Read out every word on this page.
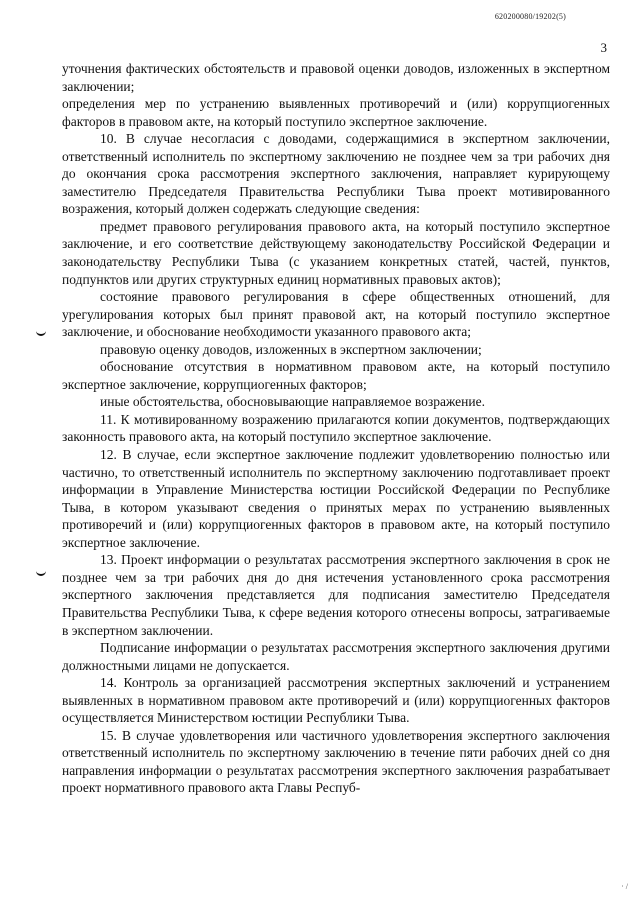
620200080/19202(5)
3

уточнения фактических обстоятельств и правовой оценки доводов, изложенных в экспертном заключении;

определения мер по устранению выявленных противоречий и (или) коррупциогенных факторов в правовом акте, на который поступило экспертное заключение.

10. В случае несогласия с доводами, содержащимися в экспертном заключении, ответственный исполнитель по экспертному заключению не позднее чем за три рабочих дня до окончания срока рассмотрения экспертного заключения, направляет курирующему заместителю Председателя Правительства Республики Тыва проект мотивированного возражения, который должен содержать следующие сведения:

предмет правового регулирования правового акта, на который поступило экспертное заключение, и его соответствие действующему законодательству Российской Федерации и законодательству Республики Тыва (с указанием конкретных статей, частей, пунктов, подпунктов или других структурных единиц нормативных правовых актов);

состояние правового регулирования в сфере общественных отношений, для урегулирования которых был принят правовой акт, на который поступило экспертное заключение, и обоснование необходимости указанного правового акта;

правовую оценку доводов, изложенных в экспертном заключении;

обоснование отсутствия в нормативном правовом акте, на который поступило экспертное заключение, коррупциогенных факторов;

иные обстоятельства, обосновывающие направляемое возражение.

11. К мотивированному возражению прилагаются копии документов, подтверждающих законность правового акта, на который поступило экспертное заключение.

12. В случае, если экспертное заключение подлежит удовлетворению полностью или частично, то ответственный исполнитель по экспертному заключению подготавливает проект информации в Управление Министерства юстиции Российской Федерации по Республике Тыва, в котором указывают сведения о принятых мерах по устранению выявленных противоречий и (или) коррупциогенных факторов в правовом акте, на который поступило экспертное заключение.

13. Проект информации о результатах рассмотрения экспертного заключения в срок не позднее чем за три рабочих дня до дня истечения установленного срока рассмотрения экспертного заключения представляется для подписания заместителю Председателя Правительства Республики Тыва, к сфере ведения которого отнесены вопросы, затрагиваемые в экспертном заключении.

Подписание информации о результатах рассмотрения экспертного заключения другими должностными лицами не допускается.

14. Контроль за организацией рассмотрения экспертных заключений и устранением выявленных в нормативном правовом акте противоречий и (или) коррупциогенных факторов осуществляется Министерством юстиции Республики Тыва.

15. В случае удовлетворения или частичного удовлетворения экспертного заключения ответственный исполнитель по экспертному заключению в течение пяти рабочих дней со дня направления информации о результатах рассмотрения экспертного заключения разрабатывает проект нормативного правового акта Главы Респуб-

· /
